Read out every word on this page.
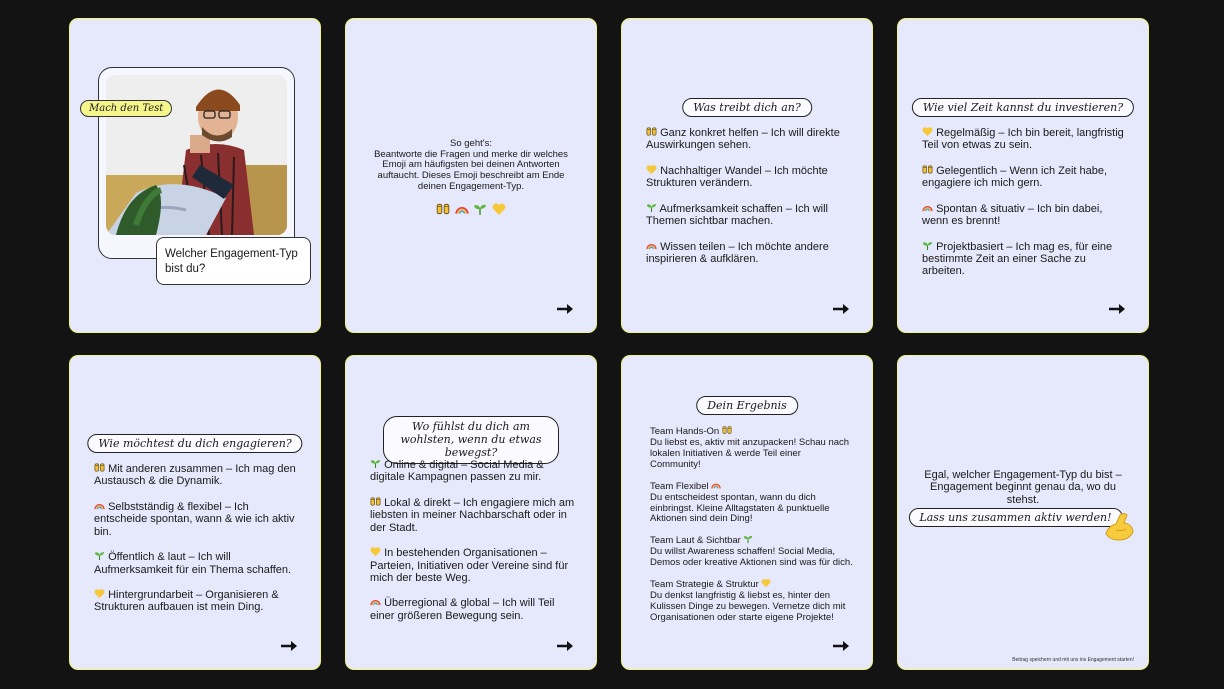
Mach den Test
Welcher Engagement-Typ bist du?
So geht's:
Beantworte die Fragen und merke dir welches Emoji am häufigsten bei deinen Antworten auftaucht. Dieses Emoji beschreibt am Ende deinen Engagement-Typ.

Was treibt dich an?
Ganz konkret helfen – Ich will direkte Auswirkungen sehen.
Nachhaltiger Wandel – Ich möchte Strukturen verändern.
Aufmerksamkeit schaffen – Ich will Themen sichtbar machen.
Wissen teilen – Ich möchte andere inspirieren & aufklären.
Wie viel Zeit kannst du investieren?
Regelmäßig – Ich bin bereit, langfristig Teil von etwas zu sein.
Gelegentlich – Wenn ich Zeit habe, engagiere ich mich gern.
Spontan & situativ – Ich bin dabei, wenn es brennt!
Projektbasiert – Ich mag es, für eine bestimmte Zeit an einer Sache zu arbeiten.
Wie möchtest du dich engagieren?
Mit anderen zusammen – Ich mag den Austausch & die Dynamik.
Selbstständig & flexibel – Ich entscheide spontan, wann & wie ich aktiv bin.
Öffentlich & laut – Ich will Aufmerksamkeit für ein Thema schaffen.
Hintergrundarbeit – Organisieren & Strukturen aufbauen ist mein Ding.
Wo fühlst du dich am wohlsten, wenn du etwas bewegst?
Online & digital – Social Media & digitale Kampagnen passen zu mir.
Lokal & direkt – Ich engagiere mich am liebsten in meiner Nachbarschaft oder in der Stadt.
In bestehenden Organisationen – Parteien, Initiativen oder Vereine sind für mich der beste Weg.
Überregional & global – Ich will Teil einer größeren Bewegung sein.
Dein Ergebnis
Team Hands-On
Du liebst es, aktiv mit anzupacken! Schau nach lokalen Initiativen & werde Teil einer Community!
Team Flexibel
Du entscheidest spontan, wann du dich einbringst. Kleine Alltagstaten & punktuelle Aktionen sind dein Ding!
Team Laut & Sichtbar
Du willst Awareness schaffen! Social Media, Demos oder kreative Aktionen sind was für dich.
Team Strategie & Struktur
Du denkst langfristig & liebst es, hinter den Kulissen Dinge zu bewegen. Vernetze dich mit Organisationen oder starte eigene Projekte!
Egal, welcher Engagement-Typ du bist – Engagement beginnt genau da, wo du stehst.
Lass uns zusammen aktiv werden!
Beitrag speichern und mit uns ins Engagement starten!
